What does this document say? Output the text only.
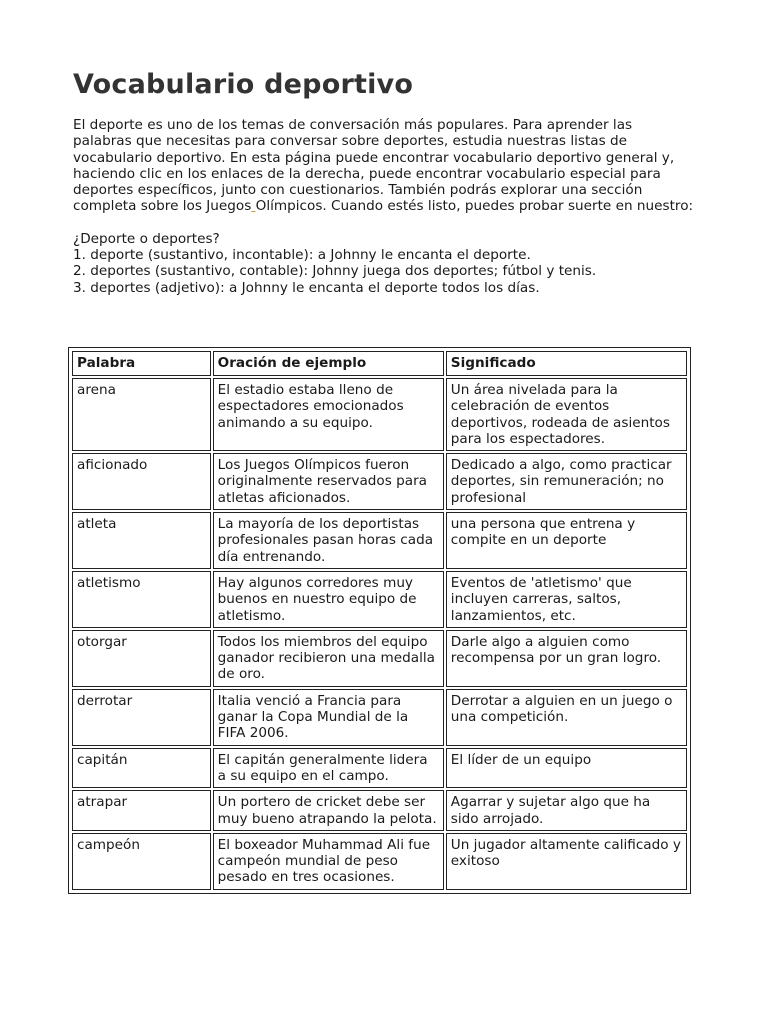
Vocabulario deportivo

El deporte es uno de los temas de conversación más populares. Para aprender las palabras que necesitas para conversar sobre deportes, estudia nuestras listas de vocabulario deportivo. En esta página puede encontrar vocabulario deportivo general y, haciendo clic en los enlaces de la derecha, puede encontrar vocabulario especial para deportes específicos, junto con cuestionarios. También podrás explorar una sección completa sobre los Juegos Olímpicos. Cuando estés listo, puedes probar suerte en nuestro:

¿Deporte o deportes?
1. deporte (sustantivo, incontable): a Johnny le encanta el deporte.
2. deportes (sustantivo, contable): Johnny juega dos deportes; fútbol y tenis.
3. deportes (adjetivo): a Johnny le encanta el deporte todos los días.
Palabra	Oración de ejemplo	Significado
arena	El estadio estaba lleno de espectadores emocionados animando a su equipo.	Un área nivelada para la celebración de eventos deportivos, rodeada de asientos para los espectadores.
aficionado	Los Juegos Olímpicos fueron originalmente reservados para atletas aficionados.	Dedicado a algo, como practicar deportes, sin remuneración; no profesional
atleta	La mayoría de los deportistas profesionales pasan horas cada día entrenando.	una persona que entrena y compite en un deporte
atletismo	Hay algunos corredores muy buenos en nuestro equipo de atletismo.	Eventos de 'atletismo' que incluyen carreras, saltos, lanzamientos, etc.
otorgar	Todos los miembros del equipo ganador recibieron una medalla de oro.	Darle algo a alguien como recompensa por un gran logro.
derrotar	Italia venció a Francia para ganar la Copa Mundial de la FIFA 2006.	Derrotar a alguien en un juego o una competición.
capitán	El capitán generalmente lidera a su equipo en el campo.	El líder de un equipo
atrapar	Un portero de cricket debe ser muy bueno atrapando la pelota.	Agarrar y sujetar algo que ha sido arrojado.
campeón	El boxeador Muhammad Ali fue campeón mundial de peso pesado en tres ocasiones.	Un jugador altamente calificado y exitoso
